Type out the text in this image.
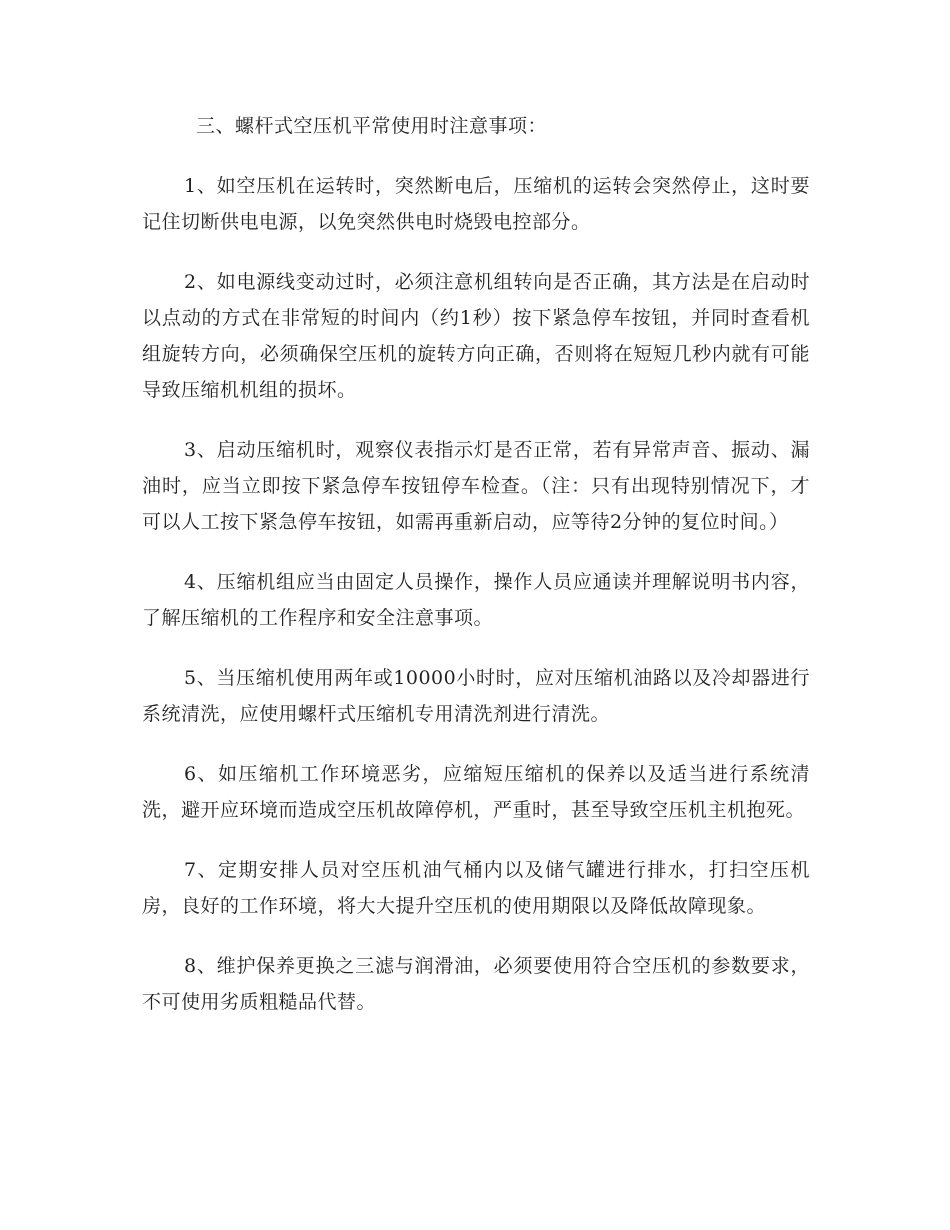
三、螺杆式空压机平常使用时注意事项：

1、如空压机在运转时，突然断电后，压缩机的运转会突然停止，这时要记住切断供电电源，以免突然供电时烧毁电控部分。

2、如电源线变动过时，必须注意机组转向是否正确，其方法是在启动时以点动的方式在非常短的时间内（约1秒）按下紧急停车按钮，并同时查看机组旋转方向，必须确保空压机的旋转方向正确，否则将在短短几秒内就有可能导致压缩机机组的损坏。

3、启动压缩机时，观察仪表指示灯是否正常，若有异常声音、振动、漏油时，应当立即按下紧急停车按钮停车检查。（注：只有出现特别情况下，才可以人工按下紧急停车按钮，如需再重新启动，应等待2分钟的复位时间。）

4、压缩机组应当由固定人员操作，操作人员应通读并理解说明书内容，了解压缩机的工作程序和安全注意事项。

5、当压缩机使用两年或10000小时时，应对压缩机油路以及冷却器进行系统清洗，应使用螺杆式压缩机专用清洗剂进行清洗。

6、如压缩机工作环境恶劣，应缩短压缩机的保养以及适当进行系统清洗，避开应环境而造成空压机故障停机，严重时，甚至导致空压机主机抱死。

7、定期安排人员对空压机油气桶内以及储气罐进行排水，打扫空压机房，良好的工作环境，将大大提升空压机的使用期限以及降低故障现象。

8、维护保养更换之三滤与润滑油，必须要使用符合空压机的参数要求，不可使用劣质粗糙品代替。
